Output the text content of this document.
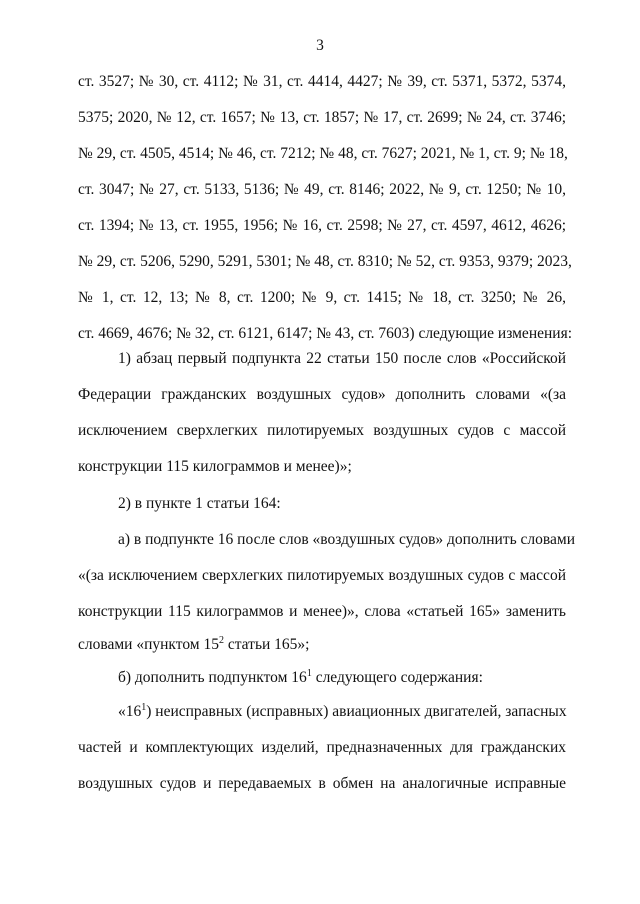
3
ст. 3527; № 30, ст. 4112; № 31, ст. 4414, 4427; № 39, ст. 5371, 5372, 5374,
5375; 2020, № 12, ст. 1657; № 13, ст. 1857; № 17, ст. 2699; № 24, ст. 3746;
№ 29, ст. 4505, 4514; № 46, ст. 7212; № 48, ст. 7627; 2021, № 1, ст. 9; № 18,
ст. 3047; № 27, ст. 5133, 5136; № 49, ст. 8146; 2022, № 9, ст. 1250; № 10,
ст. 1394; № 13, ст. 1955, 1956; № 16, ст. 2598; № 27, ст. 4597, 4612, 4626;
№ 29, ст. 5206, 5290, 5291, 5301; № 48, ст. 8310; № 52, ст. 9353, 9379; 2023,
№ 1, ст. 12, 13; № 8, ст. 1200; № 9, ст. 1415; № 18, ст. 3250; № 26,
ст. 4669, 4676; № 32, ст. 6121, 6147; № 43, ст. 7603) следующие изменения:
1) абзац первый подпункта 22 статьи 150 после слов «Российской
Федерации гражданских воздушных судов» дополнить словами «(за
исключением сверхлегких пилотируемых воздушных судов с массой
конструкции 115 килограммов и менее)»;
2) в пункте 1 статьи 164:
а) в подпункте 16 после слов «воздушных судов» дополнить словами
«(за исключением сверхлегких пилотируемых воздушных судов с массой
конструкции 115 килограммов и менее)», слова «статьей 165» заменить
словами «пунктом $15^2$ статьи 165»;
б) дополнить подпунктом $16^1$ следующего содержания:
«$16^1$) неисправных (исправных) авиационных двигателей, запасных
частей и комплектующих изделий, предназначенных для гражданских
воздушных судов и передаваемых в обмен на аналогичные исправные
